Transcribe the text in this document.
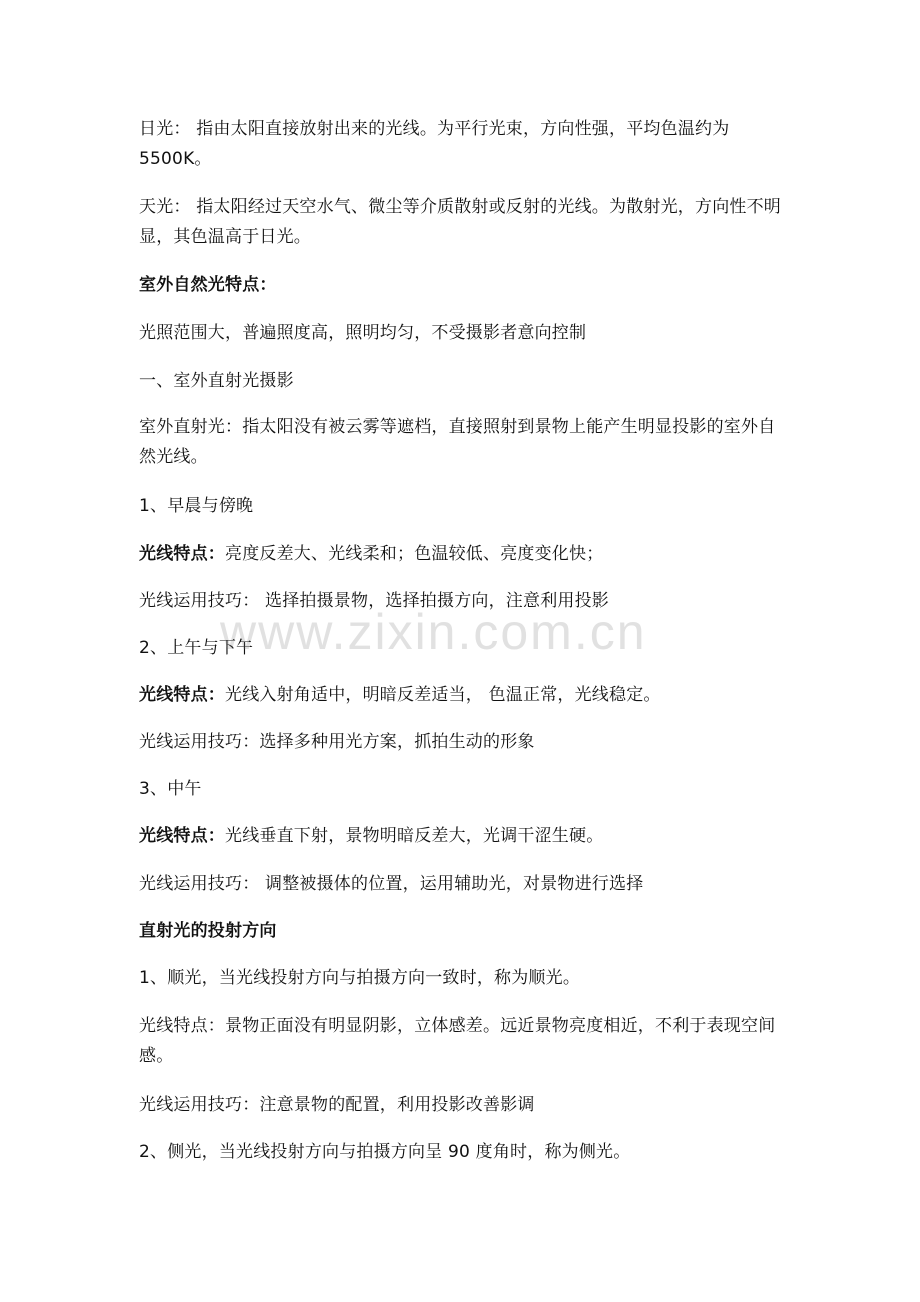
日光： 指由太阳直接放射出来的光线。为平行光束，方向性强，平均色温约为5500K。

天光： 指太阳经过天空水气、微尘等介质散射或反射的光线。为散射光，方向性不明显，其色温高于日光。

室外自然光特点：

光照范围大，普遍照度高，照明均匀，不受摄影者意向控制

一、室外直射光摄影

室外直射光：指太阳没有被云雾等遮档，直接照射到景物上能产生明显投影的室外自然光线。

1、早晨与傍晚

光线特点：亮度反差大、光线柔和；色温较低、亮度变化快；

光线运用技巧： 选择拍摄景物，选择拍摄方向，注意利用投影

2、上午与下午

光线特点：光线入射角适中，明暗反差适当， 色温正常，光线稳定。

光线运用技巧：选择多种用光方案，抓拍生动的形象

3、中午

光线特点：光线垂直下射，景物明暗反差大，光调干涩生硬。

光线运用技巧： 调整被摄体的位置，运用辅助光，对景物进行选择

直射光的投射方向

1、顺光，当光线投射方向与拍摄方向一致时，称为顺光。

光线特点：景物正面没有明显阴影，立体感差。远近景物亮度相近，不利于表现空间感。

光线运用技巧：注意景物的配置，利用投影改善影调

2、侧光，当光线投射方向与拍摄方向呈 90 度角时，称为侧光。

www.zixin.com.cn
